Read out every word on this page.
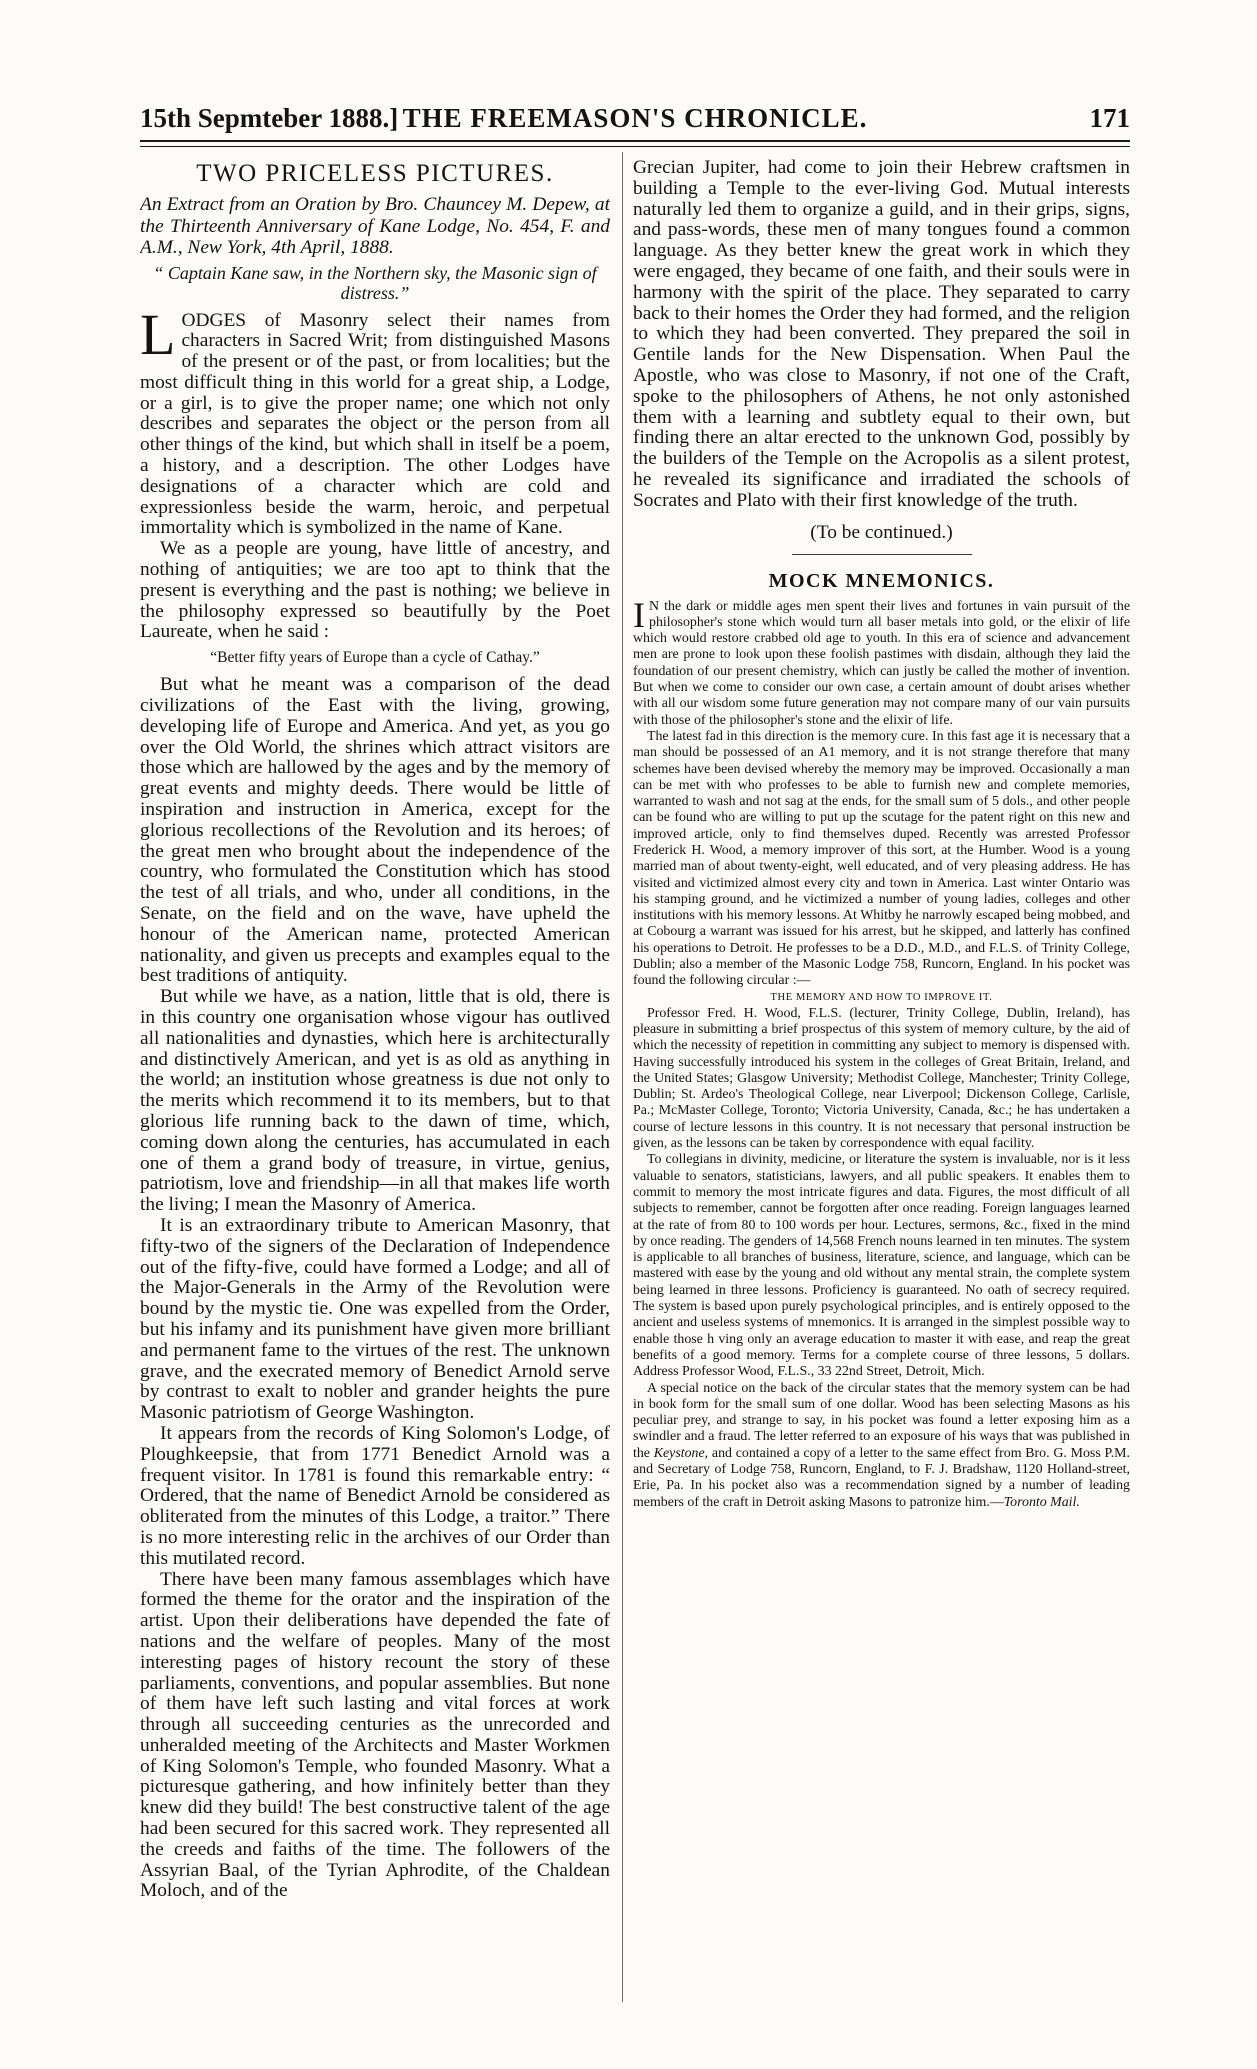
THE FREEMASON'S CHRONICLE.
15th Sepmteber 1888.]	171
TWO PRICELESS PICTURES.

An Extract from an Oration by Bro. Chauncey M. Depew, at the Thirteenth Anniversary of Kane Lodge, No. 454, F. and A.M., New York, 4th April, 1888.

“ Captain Kane saw, in the Northern sky, the Masonic sign of distress.”

LODGES of Masonry select their names from characters in Sacred Writ; from distinguished Masons of the present or of the past, or from localities; but the most difficult thing in this world for a great ship, a Lodge, or a girl, is to give the proper name; one which not only describes and separates the object or the person from all other things of the kind, but which shall in itself be a poem, a history, and a description. The other Lodges have designations of a character which are cold and expressionless beside the warm, heroic, and perpetual immortality which is symbolized in the name of Kane.

We as a people are young, have little of ancestry, and nothing of antiquities; we are too apt to think that the present is everything and the past is nothing; we believe in the philosophy expressed so beautifully by the Poet Laureate, when he said :

“Better fifty years of Europe than a cycle of Cathay.”

But what he meant was a comparison of the dead civilizations of the East with the living, growing, developing life of Europe and America. And yet, as you go over the Old World, the shrines which attract visitors are those which are hallowed by the ages and by the memory of great events and mighty deeds. There would be little of inspiration and instruction in America, except for the glorious recollections of the Revolution and its heroes; of the great men who brought about the independence of the country, who formulated the Constitution which has stood the test of all trials, and who, under all conditions, in the Senate, on the field and on the wave, have upheld the honour of the American name, protected American nationality, and given us precepts and examples equal to the best traditions of antiquity.

But while we have, as a nation, little that is old, there is in this country one organisation whose vigour has outlived all nationalities and dynasties, which here is architecturally and distinctively American, and yet is as old as anything in the world; an institution whose greatness is due not only to the merits which recommend it to its members, but to that glorious life running back to the dawn of time, which, coming down along the centuries, has accumulated in each one of them a grand body of treasure, in virtue, genius, patriotism, love and friendship—in all that makes life worth the living; I mean the Masonry of America.

It is an extraordinary tribute to American Masonry, that fifty-two of the signers of the Declaration of Independence out of the fifty-five, could have formed a Lodge; and all of the Major-Generals in the Army of the Revolution were bound by the mystic tie. One was expelled from the Order, but his infamy and its punishment have given more brilliant and permanent fame to the virtues of the rest. The unknown grave, and the execrated memory of Benedict Arnold serve by contrast to exalt to nobler and grander heights the pure Masonic patriotism of George Washington.

It appears from the records of King Solomon's Lodge, of Ploughkeepsie, that from 1771 Benedict Arnold was a frequent visitor. In 1781 is found this remarkable entry: “ Ordered, that the name of Benedict Arnold be considered as obliterated from the minutes of this Lodge, a traitor.” There is no more interesting relic in the archives of our Order than this mutilated record.

There have been many famous assemblages which have formed the theme for the orator and the inspiration of the artist. Upon their deliberations have depended the fate of nations and the welfare of peoples. Many of the most interesting pages of history recount the story of these parliaments, conventions, and popular assemblies. But none of them have left such lasting and vital forces at work through all succeeding centuries as the unrecorded and unheralded meeting of the Architects and Master Workmen of King Solomon's Temple, who founded Masonry. What a picturesque gathering, and how infinitely better than they knew did they build! The best constructive talent of the age had been secured for this sacred work. They represented all the creeds and faiths of the time. The followers of the Assyrian Baal, of the Tyrian Aphrodite, of the Chaldean Moloch, and of the

Grecian Jupiter, had come to join their Hebrew craftsmen in building a Temple to the ever-living God. Mutual interests naturally led them to organize a guild, and in their grips, signs, and pass-words, these men of many tongues found a common language. As they better knew the great work in which they were engaged, they became of one faith, and their souls were in harmony with the spirit of the place. They separated to carry back to their homes the Order they had formed, and the religion to which they had been converted. They prepared the soil in Gentile lands for the New Dispensation. When Paul the Apostle, who was close to Masonry, if not one of the Craft, spoke to the philosophers of Athens, he not only astonished them with a learning and subtlety equal to their own, but finding there an altar erected to the unknown God, possibly by the builders of the Temple on the Acropolis as a silent protest, he revealed its significance and irradiated the schools of Socrates and Plato with their first knowledge of the truth.

(To be continued.)

MOCK MNEMONICS.

I N the dark or middle ages men spent their lives and fortunes in vain pursuit of the philosopher's stone which would turn all baser metals into gold, or the elixir of life which would restore crabbed old age to youth. In this era of science and advancement men are prone to look upon these foolish pastimes with disdain, although they laid the foundation of our present chemistry, which can justly be called the mother of invention. But when we come to consider our own case, a certain amount of doubt arises whether with all our wisdom some future generation may not compare many of our vain pursuits with those of the philosopher's stone and the elixir of life.

The latest fad in this direction is the memory cure. In this fast age it is necessary that a man should be possessed of an A1 memory, and it is not strange therefore that many schemes have been devised whereby the memory may be improved. Occasionally a man can be met with who professes to be able to furnish new and complete memories, warranted to wash and not sag at the ends, for the small sum of 5 dols., and other people can be found who are willing to put up the scutage for the patent right on this new and improved article, only to find themselves duped. Recently was arrested Professor Frederick H. Wood, a memory improver of this sort, at the Humber. Wood is a young married man of about twenty-eight, well educated, and of very pleasing address. He has visited and victimized almost every city and town in America. Last winter Ontario was his stamping ground, and he victimized a number of young ladies, colleges and other institutions with his memory lessons. At Whitby he narrowly escaped being mobbed, and at Cobourg a warrant was issued for his arrest, but he skipped, and latterly has confined his operations to Detroit. He professes to be a D.D., M.D., and F.L.S. of Trinity College, Dublin; also a member of the Masonic Lodge 758, Runcorn, England. In his pocket was found the following circular :—

THE MEMORY AND HOW TO IMPROVE IT.

Professor Fred. H. Wood, F.L.S. (lecturer, Trinity College, Dublin, Ireland), has pleasure in submitting a brief prospectus of this system of memory culture, by the aid of which the necessity of repetition in committing any subject to memory is dispensed with. Having successfully introduced his system in the colleges of Great Britain, Ireland, and the United States; Glasgow University; Methodist College, Manchester; Trinity College, Dublin; St. Ardeo's Theological College, near Liverpool; Dickenson College, Carlisle, Pa.; McMaster College, Toronto; Victoria University, Canada, &c.; he has undertaken a course of lecture lessons in this country. It is not necessary that personal instruction be given, as the lessons can be taken by correspondence with equal facility.

To collegians in divinity, medicine, or literature the system is invaluable, nor is it less valuable to senators, statisticians, lawyers, and all public speakers. It enables them to commit to memory the most intricate figures and data. Figures, the most difficult of all subjects to remember, cannot be forgotten after once reading. Foreign languages learned at the rate of from 80 to 100 words per hour. Lectures, sermons, &c., fixed in the mind by once reading. The genders of 14,568 French nouns learned in ten minutes. The system is applicable to all branches of business, literature, science, and language, which can be mastered with ease by the young and old without any mental strain, the complete system being learned in three lessons. Proficiency is guaranteed. No oath of secrecy required. The system is based upon purely psychological principles, and is entirely opposed to the ancient and useless systems of mnemonics. It is arranged in the simplest possible way to enable those h ving only an average education to master it with ease, and reap the great benefits of a good memory. Terms for a complete course of three lessons, 5 dollars. Address Professor Wood, F.L.S., 33 22nd Street, Detroit, Mich.

A special notice on the back of the circular states that the memory system can be had in book form for the small sum of one dollar. Wood has been selecting Masons as his peculiar prey, and strange to say, in his pocket was found a letter exposing him as a swindler and a fraud. The letter referred to an exposure of his ways that was published in the Keystone, and contained a copy of a letter to the same effect from Bro. G. Moss P.M. and Secretary of Lodge 758, Runcorn, England, to F. J. Bradshaw, 1120 Holland-street, Erie, Pa. In his pocket also was a recommendation signed by a number of leading members of the craft in Detroit asking Masons to patronize him.—Toronto Mail.
